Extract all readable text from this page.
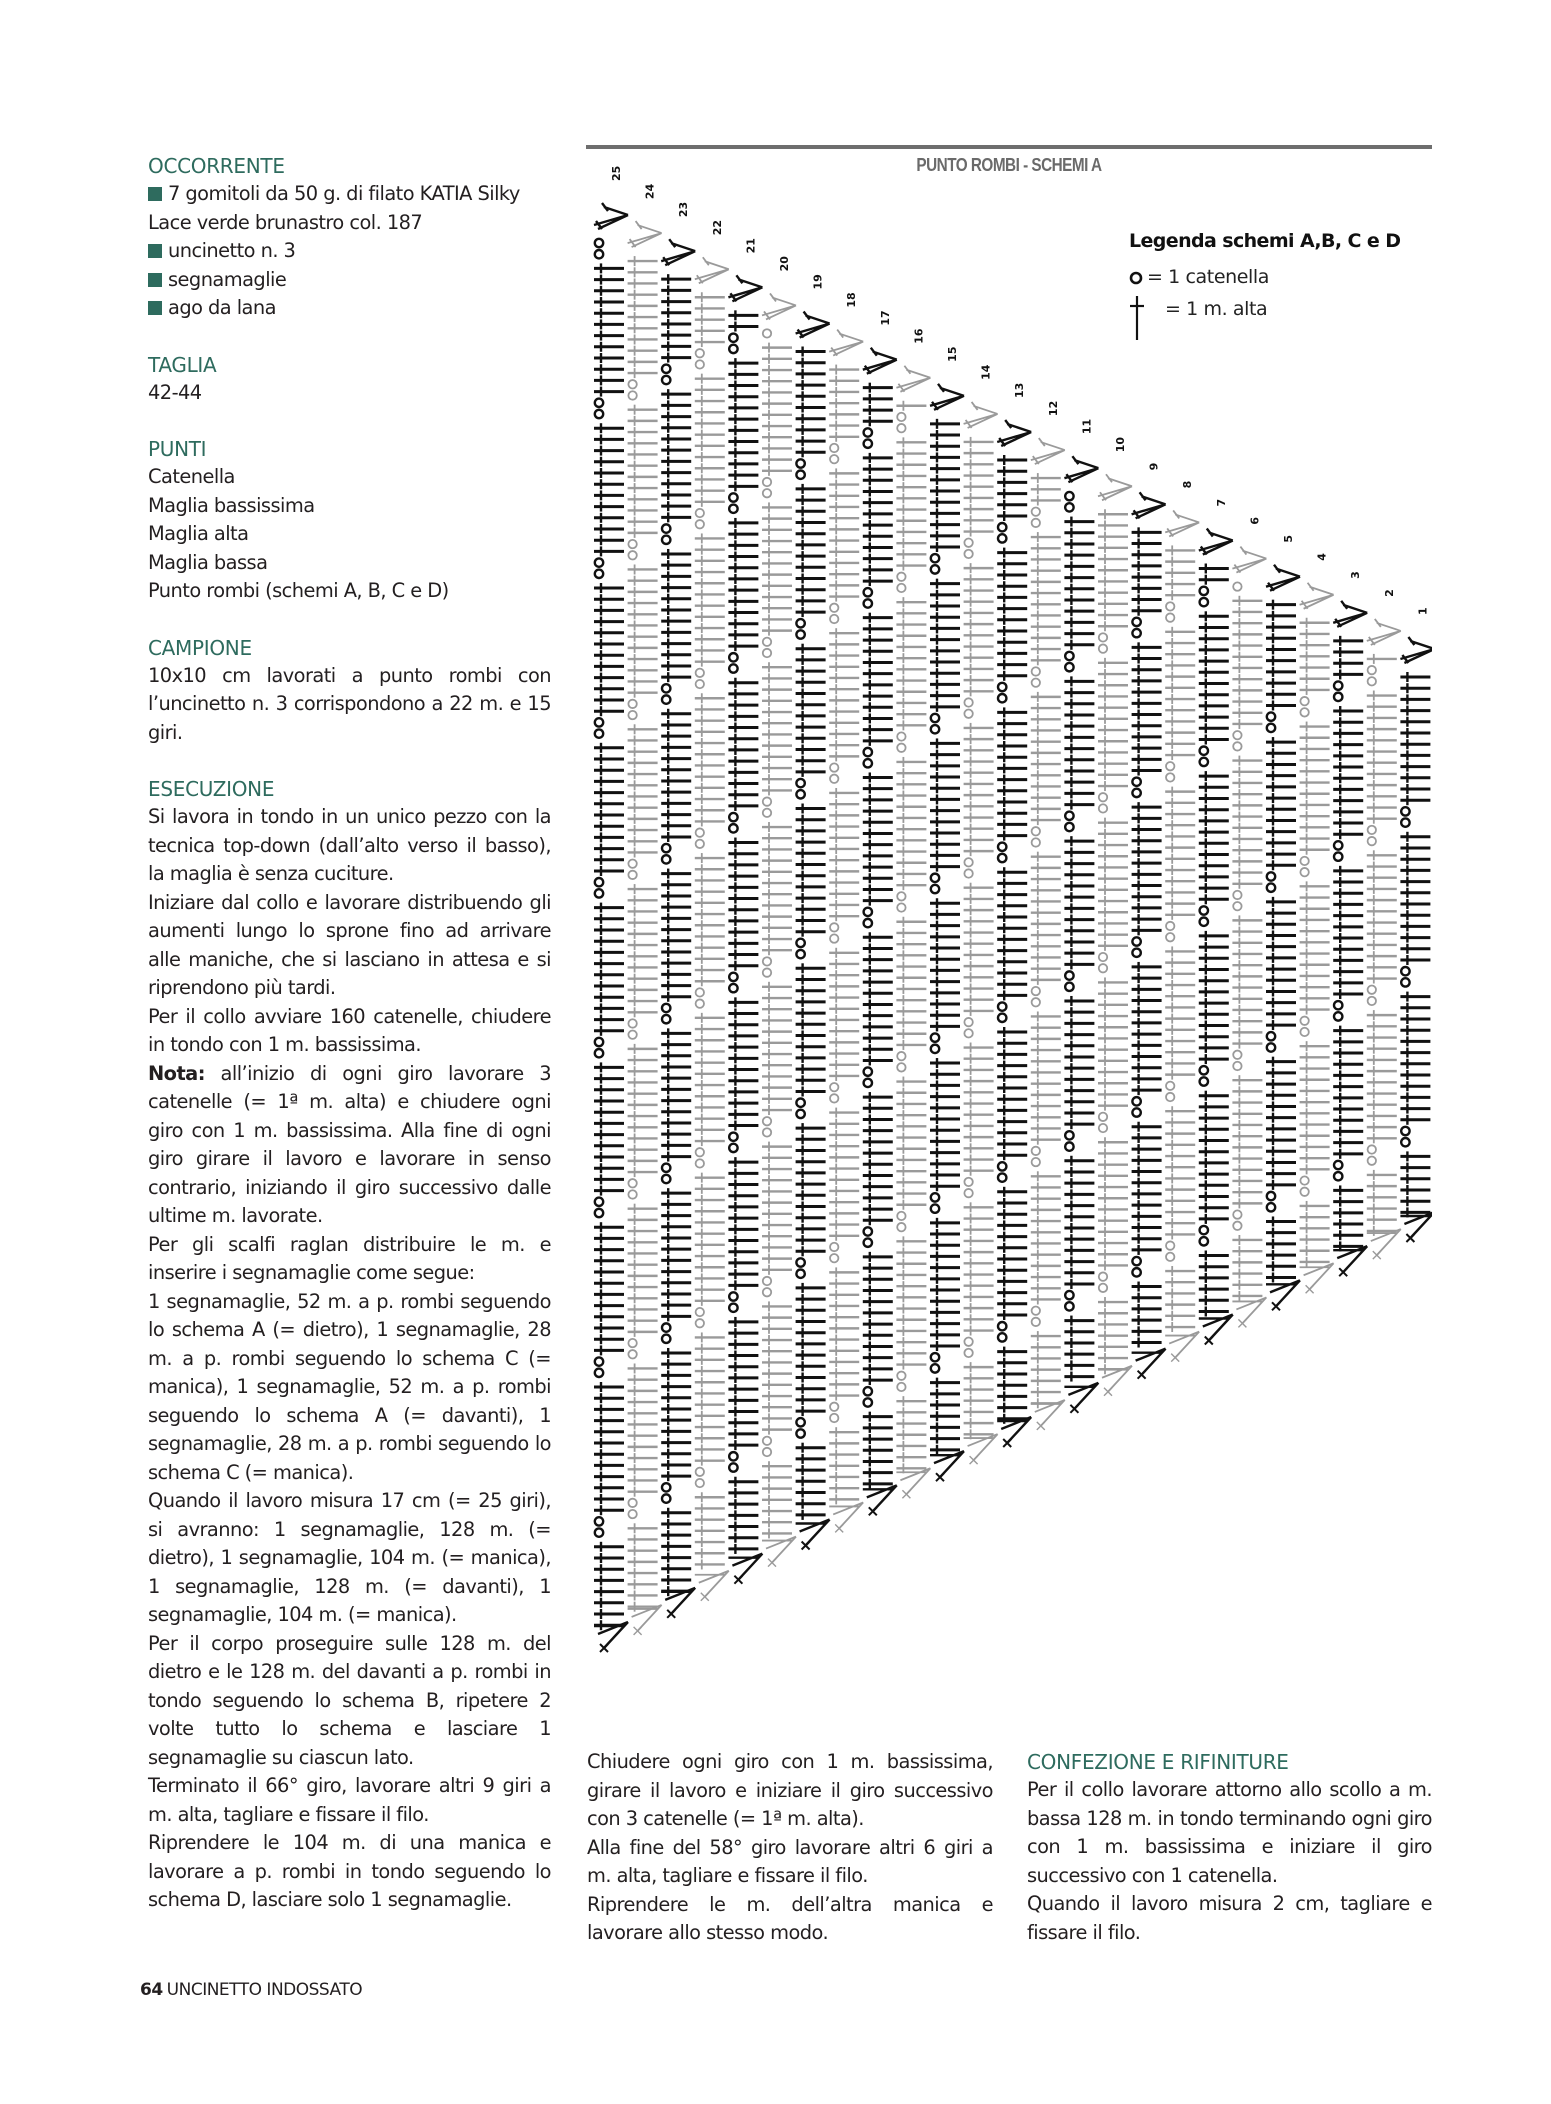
OCCORRENTE
7 gomitoli da 50 g. di filato KATIA Silky Lace verde brunastro col. 187
uncinetto n. 3
segnamaglie
ago da lana
TAGLIA
42-44
PUNTI
Catenella
Maglia bassissima
Maglia alta
Maglia bassa
Punto rombi (schemi A, B, C e D)
CAMPIONE
10x10 cm lavorati a punto rombi con l’uncinetto n. 3 corrispondono a 22 m. e 15 giri.
ESECUZIONE
Si lavora in tondo in un unico pezzo con la tecnica top-down (dall’alto verso il basso), la maglia è senza cuciture.
Iniziare dal collo e lavorare distribuendo gli aumenti lungo lo sprone fino ad arrivare alle maniche, che si lasciano in attesa e si riprendono più tardi.
Per il collo avviare 160 catenelle, chiudere in tondo con 1 m. bassissima.
Nota: all’inizio di ogni giro lavorare 3 catenelle (= 1ª m. alta) e chiudere ogni giro con 1 m. bassissima. Alla fine di ogni giro girare il lavoro e lavorare in senso contrario, iniziando il giro successivo dalle ultime m. lavorate.
Per gli scalfi raglan distribuire le m. e inserire i segnamaglie come segue:
1 segnamaglie, 52 m. a p. rombi seguendo lo schema A (= dietro), 1 segnamaglie, 28 m. a p. rombi seguendo lo schema C (= manica), 1 segnamaglie, 52 m. a p. rombi seguendo lo schema A (= davanti), 1 segnamaglie, 28 m. a p. rombi seguendo lo schema C (= manica).
Quando il lavoro misura 17 cm (= 25 giri), si avranno: 1 segnamaglie, 128 m. (= dietro), 1 segnamaglie, 104 m. (= manica), 1 segnamaglie, 128 m. (= davanti), 1 segnamaglie, 104 m. (= manica).
Per il corpo proseguire sulle 128 m. del dietro e le 128 m. del davanti a p. rombi in tondo seguendo lo schema B, ripetere 2 volte tutto lo schema e lasciare 1 segnamaglie su ciascun lato.
Terminato il 66° giro, lavorare altri 9 giri a m. alta, tagliare e fissare il filo.
Riprendere le 104 m. di una manica e lavorare a p. rombi in tondo seguendo lo schema D, lasciare solo 1 segnamaglie.
PUNTO ROMBI - SCHEMI A
25
24
23
22
21
20
19
18
17
16
15
14
13
12
11
10
9
8
7
6
5
4
3
2
1
Legenda schemi A,B, C e D
= 1 catenella
= 1 m. alta
Chiudere ogni giro con 1 m. bassissima, girare il lavoro e iniziare il giro successivo con 3 catenelle (= 1ª m. alta).
Alla fine del 58° giro lavorare altri 6 giri a m. alta, tagliare e fissare il filo.
Riprendere le m. dell’altra manica e lavorare allo stesso modo.
CONFEZIONE E RIFINITURE
Per il collo lavorare attorno allo scollo a m. bassa 128 m. in tondo terminando ogni giro con 1 m. bassissima e iniziare il giro successivo con 1 catenella.
Quando il lavoro misura 2 cm, tagliare e fissare il filo.
64 UNCINETTO INDOSSATO
